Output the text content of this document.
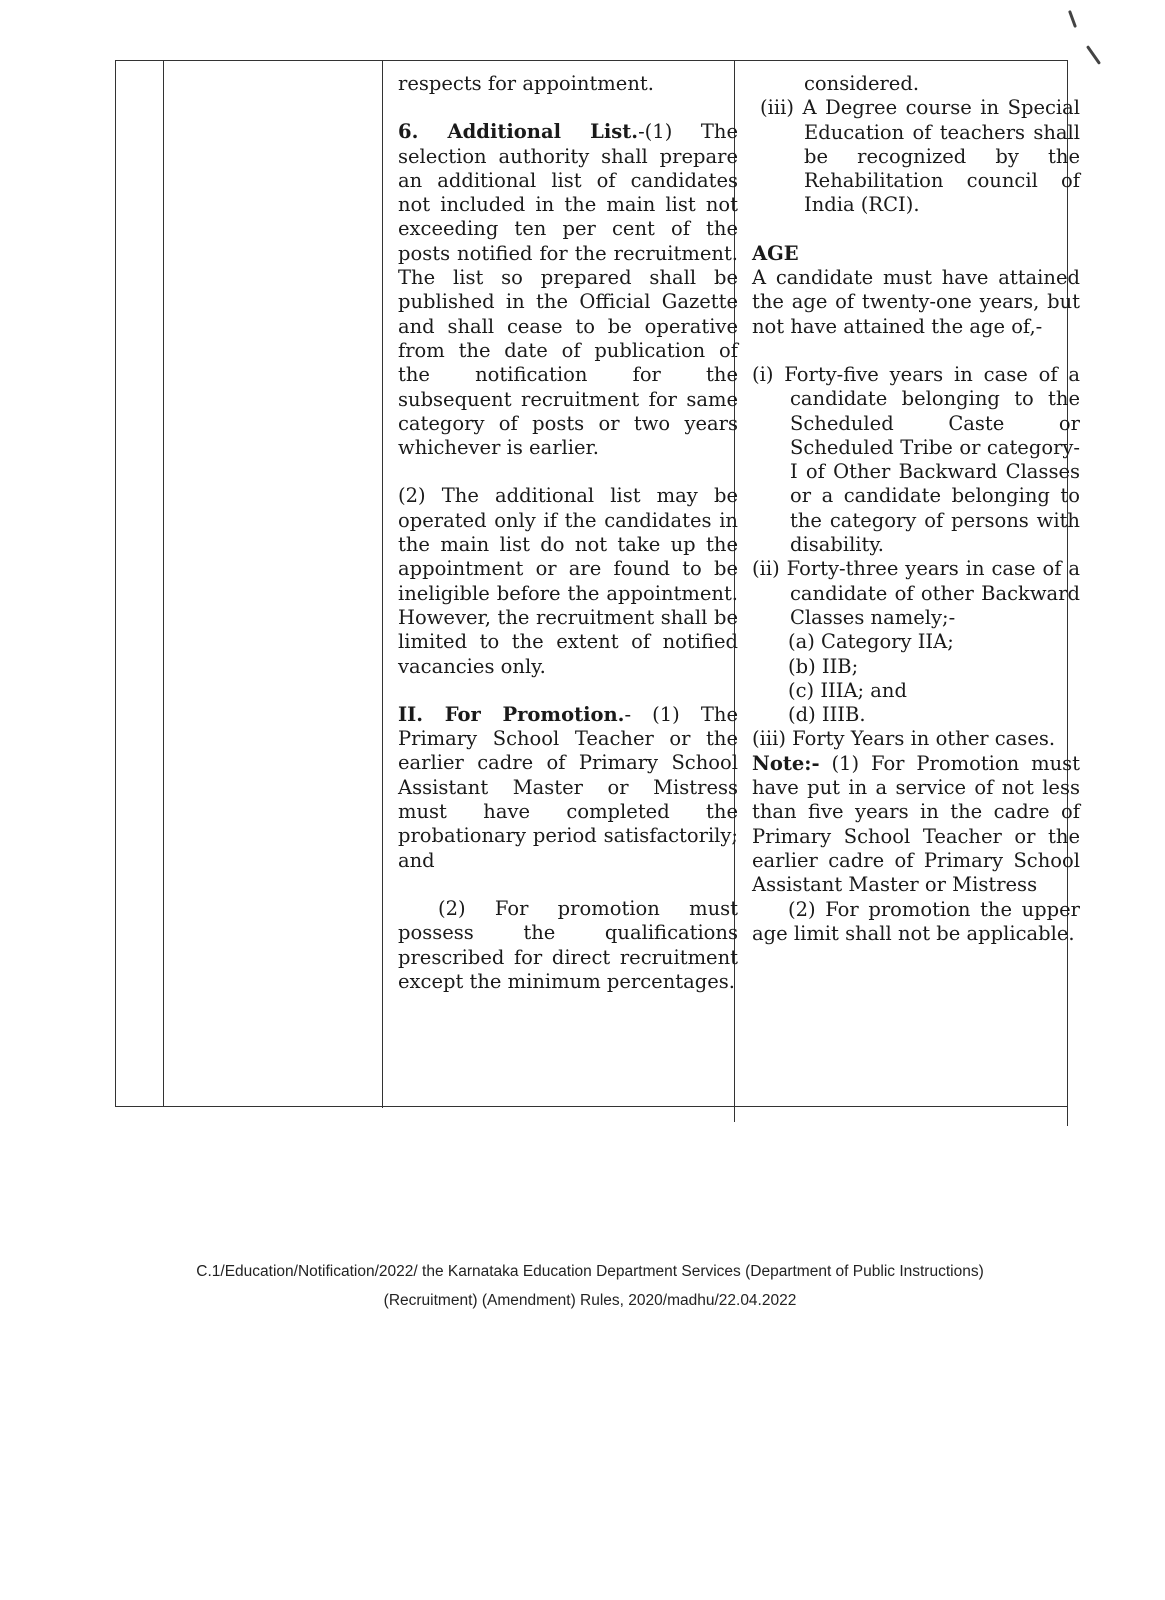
respects for appointment.

6. Additional List.-(1) The selection authority shall prepare an additional list of candidates not included in the main list not exceeding ten per cent of the posts notified for the recruitment. The list so prepared shall be published in the Official Gazette and shall cease to be operative from the date of publication of the notification for the subsequent recruitment for same category of posts or two years whichever is earlier.

(2) The additional list may be operated only if the candidates in the main list do not take up the appointment or are found to be ineligible before the appointment. However, the recruitment shall be limited to the extent of notified vacancies only.

II. For Promotion.- (1) The Primary School Teacher or the earlier cadre of Primary School Assistant Master or Mistress must have completed the probationary period satisfactorily; and

(2) For promotion must possess the qualifications prescribed for direct recruitment except the minimum percentages.

considered.

(iii) A Degree course in Special Education of teachers shall be recognized by the Rehabilitation council of India (RCI).

AGE

A candidate must have attained the age of twenty-one years, but not have attained the age of,-

(i) Forty-five years in case of a candidate belonging to the Scheduled Caste or Scheduled Tribe or category-I of Other Backward Classes or a candidate belonging to the category of persons with disability.

(ii) Forty-three years in case of a candidate of other Backward Classes namely;-

(a) Category IIA;

(b) IIB;

(c) IIIA; and

(d) IIIB.

(iii) Forty Years in other cases.

Note:- (1) For Promotion must have put in a service of not less than five years in the cadre of Primary School Teacher or the earlier cadre of Primary School Assistant Master or Mistress

(2) For promotion the upper age limit shall not be applicable.

C.1/Education/Notification/2022/ the Karnataka Education Department Services (Department of Public Instructions)
(Recruitment) (Amendment) Rules, 2020/madhu/22.04.2022
